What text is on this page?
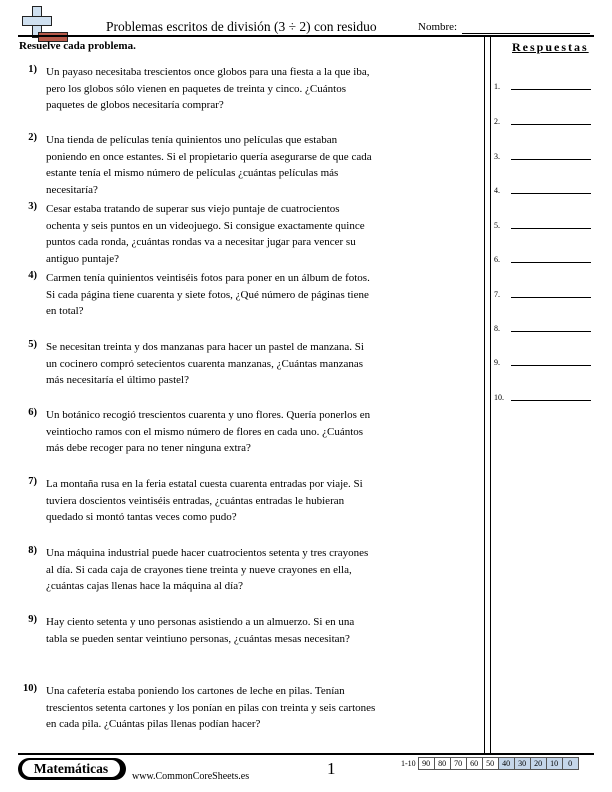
Problemas escritos de división (3 ÷ 2) con residuo	Nombre:
Resuelve cada problema.
1) Un payaso necesitaba trescientos once globos para una fiesta a la que iba, pero los globos sólo vienen en paquetes de treinta y cinco. ¿Cuántos paquetes de globos necesitaría comprar?
2) Una tienda de películas tenía quinientos uno películas que estaban poniendo en once estantes. Si el propietario quería asegurarse de que cada estante tenía el mismo número de películas ¿cuántas películas más necesitaría?
3) Cesar estaba tratando de superar sus viejo puntaje de cuatrocientos ochenta y seis puntos en un videojuego. Si consigue exactamente quince puntos cada ronda, ¿cuántas rondas va a necesitar jugar para vencer su antiguo puntaje?
4) Carmen tenía quinientos veintiséis fotos para poner en un álbum de fotos. Si cada página tiene cuarenta y siete fotos, ¿Qué número de páginas tiene en total?
5) Se necesitan treinta y dos manzanas para hacer un pastel de manzana. Si un cocinero compró setecientos cuarenta manzanas, ¿Cuántas manzanas más necesitaría el último pastel?
6) Un botánico recogió trescientos cuarenta y uno flores. Quería ponerlos en veintiocho ramos con el mismo número de flores en cada uno. ¿Cuántos más debe recoger para no tener ninguna extra?
7) La montaña rusa en la feria estatal cuesta cuarenta entradas por viaje. Si tuviera doscientos veintiséis entradas, ¿cuántas entradas le hubieran quedado si montó tantas veces como pudo?
8) Una máquina industrial puede hacer cuatrocientos setenta y tres crayones al día. Si cada caja de crayones tiene treinta y nueve crayones en ella, ¿cuántas cajas llenas hace la máquina al día?
9) Hay ciento setenta y uno personas asistiendo a un almuerzo. Si en una tabla se pueden sentar veintiuno personas, ¿cuántas mesas necesitan?
10) Una cafetería estaba poniendo los cartones de leche en pilas. Tenían trescientos setenta cartones y los ponían en pilas con treinta y seis cartones en cada pila. ¿Cuántas pilas llenas podían hacer?
Respuestas
1.
2.
3.
4.
5.
6.
7.
8.
9.
10.
Matemáticas
www.CommonCoreSheets.es	1	1-10 90	80	70	60	50	40	30	20	10	0
